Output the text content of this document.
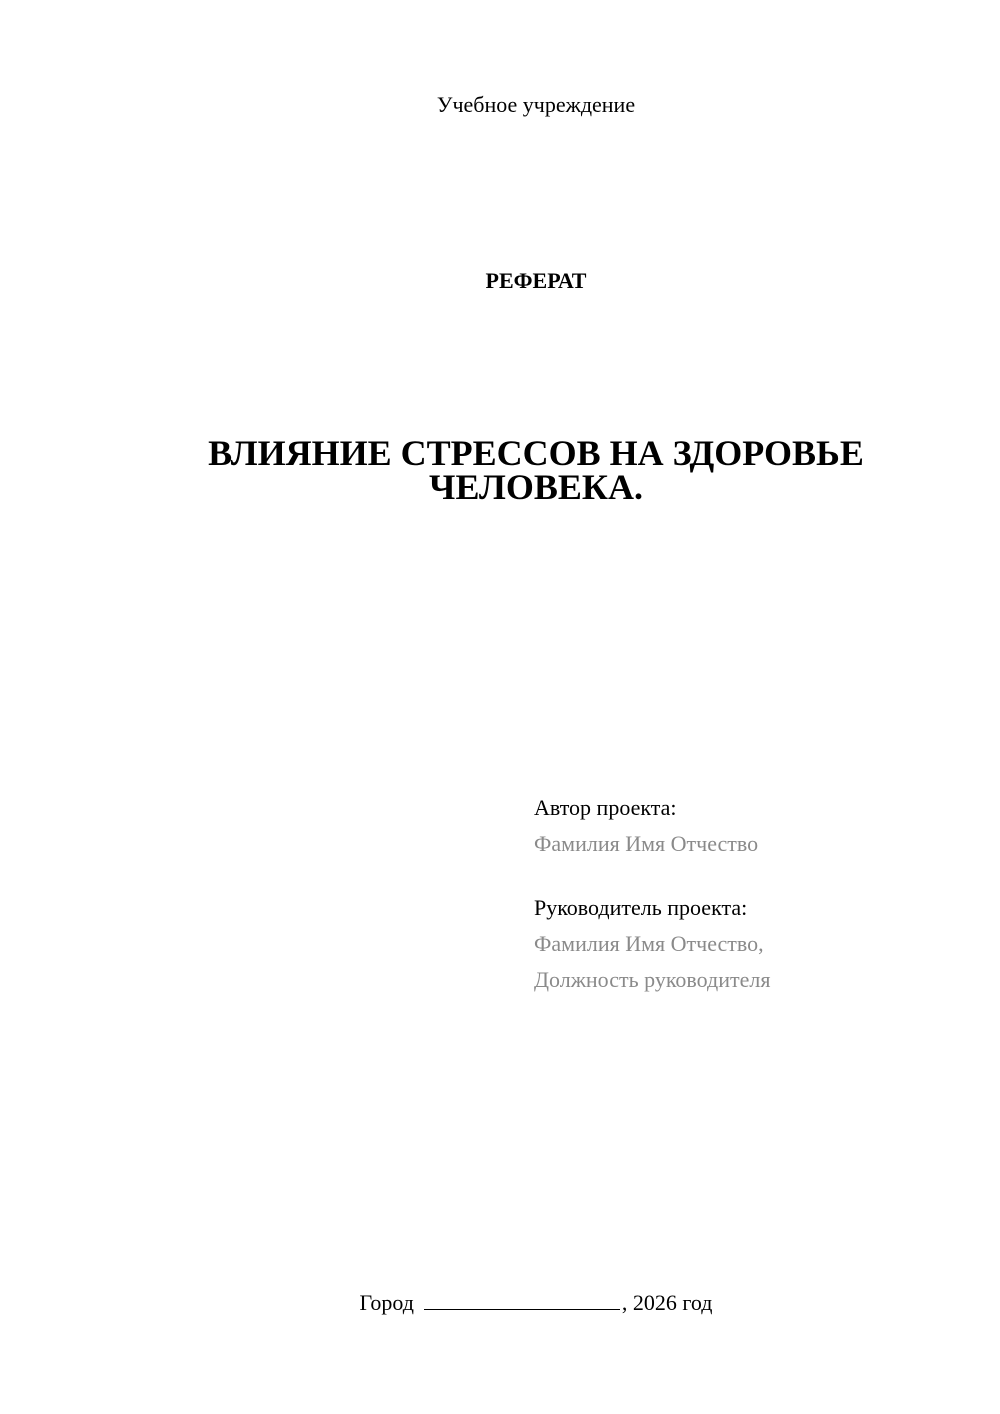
Учебное учреждение
РЕФЕРАТ
ВЛИЯНИЕ СТРЕССОВ НА ЗДОРОВЬЕ
ЧЕЛОВЕКА.
Автор проекта:
Фамилия Имя Отчество
Руководитель проекта:
Фамилия Имя Отчество,
Должность руководителя
Город	, 2026 год
